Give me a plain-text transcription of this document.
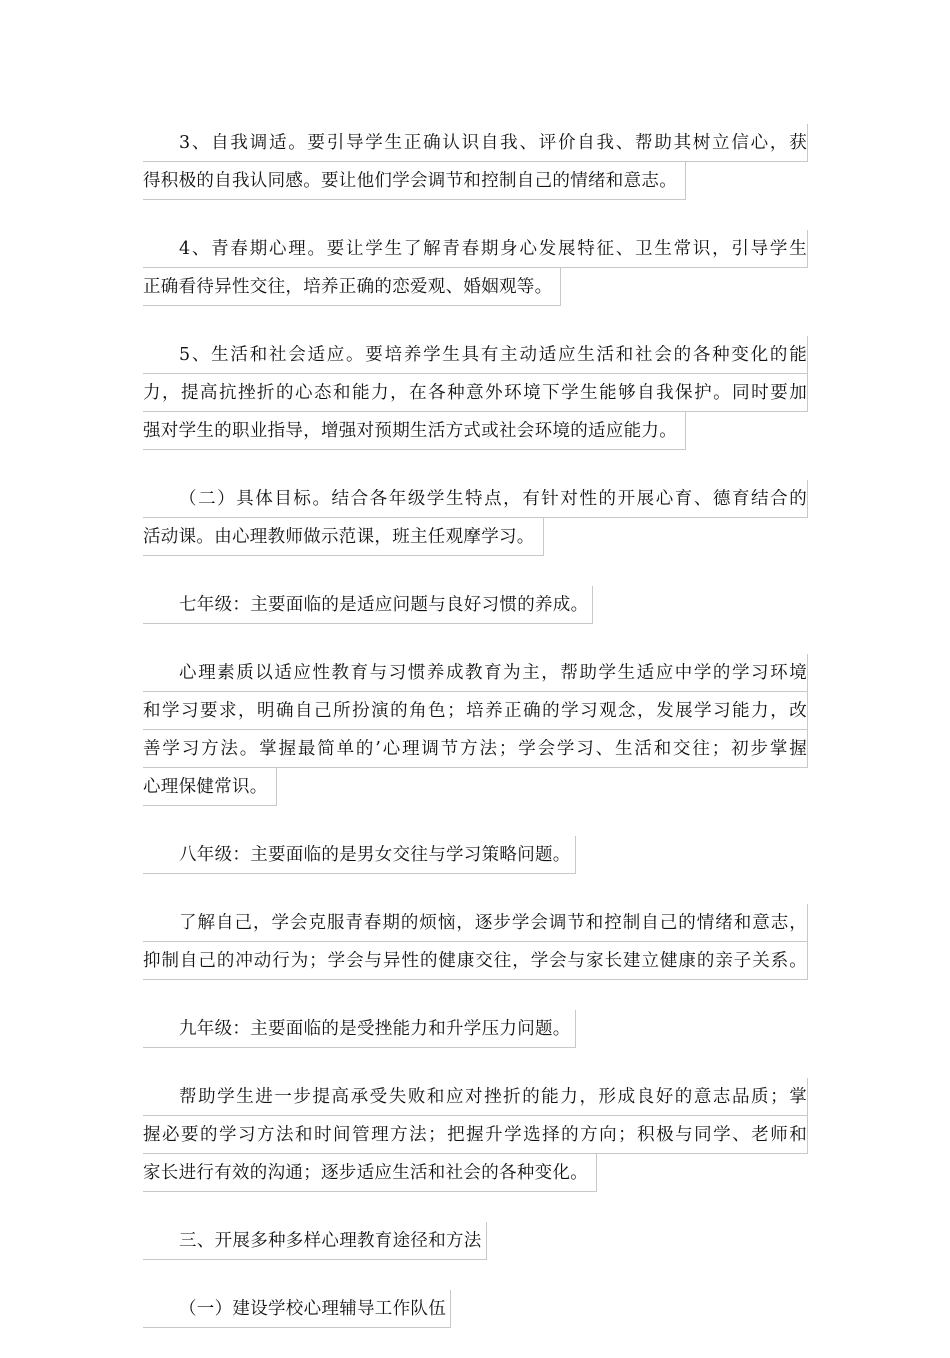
3、自我调适。要引导学生正确认识自我、评价自我、帮助其树立信心，获
得积极的自我认同感。要让他们学会调节和控制自己的情绪和意志。
4、青春期心理。要让学生了解青春期身心发展特征、卫生常识，引导学生
正确看待异性交往，培养正确的恋爱观、婚姻观等。
5、生活和社会适应。要培养学生具有主动适应生活和社会的各种变化的能
力，提高抗挫折的心态和能力，在各种意外环境下学生能够自我保护。同时要加
强对学生的职业指导，增强对预期生活方式或社会环境的适应能力。
（二）具体目标。结合各年级学生特点，有针对性的开展心育、德育结合的
活动课。由心理教师做示范课，班主任观摩学习。
七年级：主要面临的是适应问题与良好习惯的养成。
心理素质以适应性教育与习惯养成教育为主，帮助学生适应中学的学习环境
和学习要求，明确自己所扮演的角色；培养正确的学习观念，发展学习能力，改
善学习方法。掌握最简单的’心理调节方法；学会学习、生活和交往；初步掌握
心理保健常识。
八年级：主要面临的是男女交往与学习策略问题。
了解自己，学会克服青春期的烦恼，逐步学会调节和控制自己的情绪和意志，
抑制自己的冲动行为；学会与异性的健康交往，学会与家长建立健康的亲子关系。
九年级：主要面临的是受挫能力和升学压力问题。
帮助学生进一步提高承受失败和应对挫折的能力，形成良好的意志品质；掌
握必要的学习方法和时间管理方法；把握升学选择的方向；积极与同学、老师和
家长进行有效的沟通；逐步适应生活和社会的各种变化。
三、开展多种多样心理教育途径和方法
（一）建设学校心理辅导工作队伍
